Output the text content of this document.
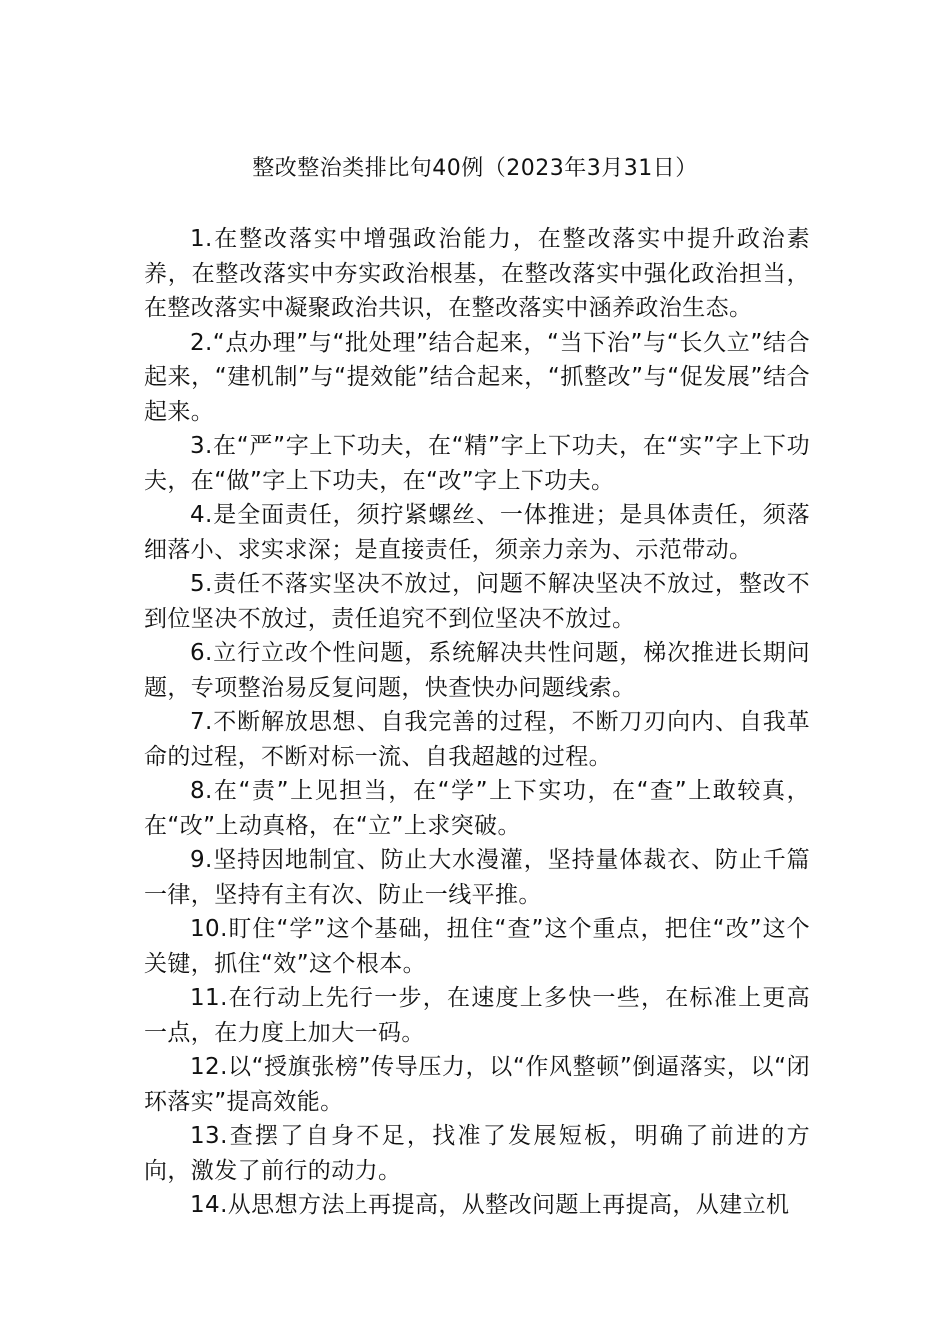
整改整治类排比句40例（2023年3月31日）

1.在整改落实中增强政治能力，在整改落实中提升政治素养，在整改落实中夯实政治根基，在整改落实中强化政治担当，在整改落实中凝聚政治共识，在整改落实中涵养政治生态。

2.“点办理”与“批处理”结合起来，“当下治”与“长久立”结合起来，“建机制”与“提效能”结合起来，“抓整改”与“促发展”结合起来。

3.在“严”字上下功夫，在“精”字上下功夫，在“实”字上下功夫，在“做”字上下功夫，在“改”字上下功夫。

4.是全面责任，须拧紧螺丝、一体推进；是具体责任，须落细落小、求实求深；是直接责任，须亲力亲为、示范带动。

5.责任不落实坚决不放过，问题不解决坚决不放过，整改不到位坚决不放过，责任追究不到位坚决不放过。

6.立行立改个性问题，系统解决共性问题，梯次推进长期问题，专项整治易反复问题，快查快办问题线索。

7.不断解放思想、自我完善的过程，不断刀刃向内、自我革命的过程，不断对标一流、自我超越的过程。

8.在“责”上见担当，在“学”上下实功，在“查”上敢较真，在“改”上动真格，在“立”上求突破。

9.坚持因地制宜、防止大水漫灌，坚持量体裁衣、防止千篇一律，坚持有主有次、防止一线平推。

10.盯住“学”这个基础，扭住“查”这个重点，把住“改”这个关键，抓住“效”这个根本。

11.在行动上先行一步，在速度上多快一些，在标准上更高一点，在力度上加大一码。

12.以“授旗张榜”传导压力，以“作风整顿”倒逼落实，以“闭环落实”提高效能。

13.查摆了自身不足，找准了发展短板，明确了前进的方向，激发了前行的动力。

14.从思想方法上再提高，从整改问题上再提高，从建立机
